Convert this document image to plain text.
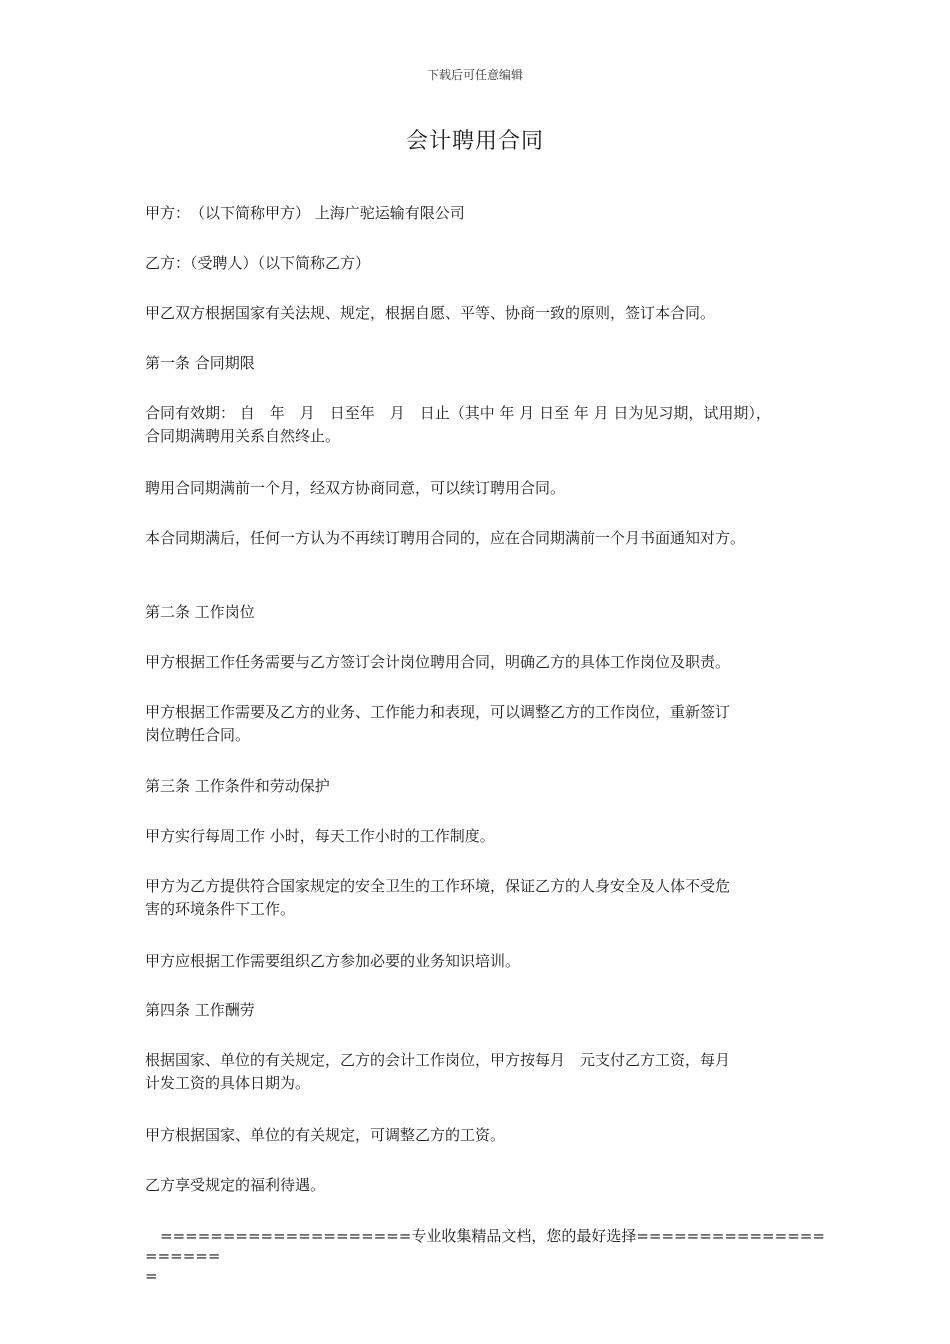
下载后可任意编辑
会计聘用合同
甲方：　（以下简称甲方） 上海广驼运输有限公司
乙方：（受聘人）（以下简称乙方）
甲乙双方根据国家有关法规、规定，根据自愿、平等、协商一致的原则，签订本合同。
第一条 合同期限
合同有效期： 自　年　月　日至年　月　日止（其中 年 月 日至 年 月 日为见习期，试用期），
合同期满聘用关系自然终止。
聘用合同期满前一个月，经双方协商同意，可以续订聘用合同。
本合同期满后，任何一方认为不再续订聘用合同的，应在合同期满前一个月书面通知对方。
第二条 工作岗位
甲方根据工作任务需要与乙方签订会计岗位聘用合同，明确乙方的具体工作岗位及职责。
甲方根据工作需要及乙方的业务、工作能力和表现，可以调整乙方的工作岗位，重新签订
岗位聘任合同。
第三条 工作条件和劳动保护
甲方实行每周工作 小时，每天工作小时的工作制度。
甲方为乙方提供符合国家规定的安全卫生的工作环境，保证乙方的人身安全及人体不受危
害的环境条件下工作。
甲方应根据工作需要组织乙方参加必要的业务知识培训。
第四条 工作酬劳
根据国家、单位的有关规定，乙方的会计工作岗位，甲方按每月　元支付乙方工资，每月
计发工资的具体日期为。
甲方根据国家、单位的有关规定，可调整乙方的工资。
乙方享受规定的福利待遇。
　====================专业收集精品文档，您的最好选择=====================
=
